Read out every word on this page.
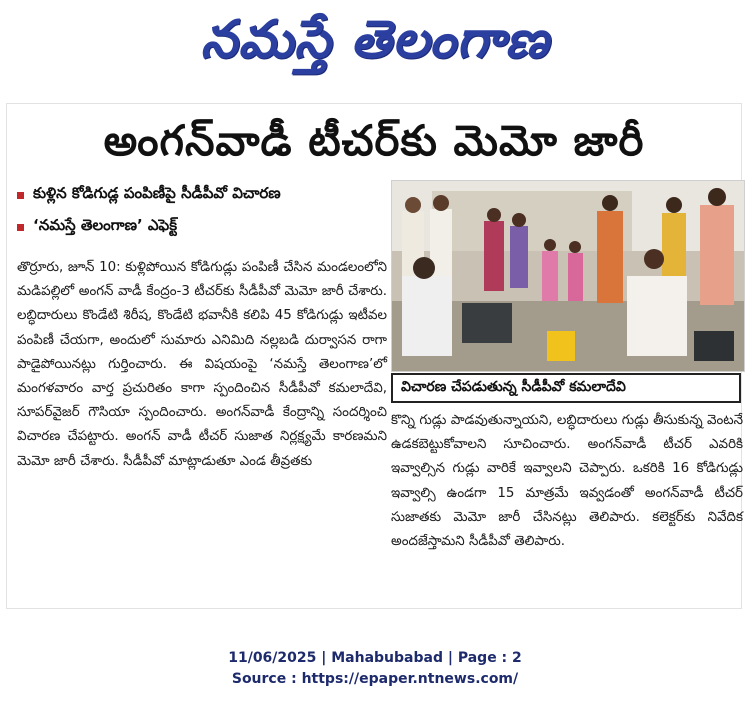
నమస్తే తెలంగాణ
అంగన్‌వాడీ టీచర్‌కు మెమో జారీ
కుళ్లిన కోడిగుడ్ల పంపిణీపై సీడీపీవో విచారణ
‘నమస్తే తెలంగాణ’ ఎఫెక్ట్

తొర్రూరు, జూన్ 10: కుళ్లిపోయిన కోడిగుడ్లు పంపిణీ చేసిన మండలంలోని మడిపల్లిలో అంగన్ వాడీ కేంద్రం-3 టీచర్‌కు సీడీపీవో మెమో జారీ చేశారు. లబ్ధిదారులు కొండేటి శిరీష, కొండేటి భవానీకి కలిపి 45 కోడిగుడ్లు ఇటీవల పంపిణీ చేయగా, అందులో సుమారు ఎనిమిది నల్లబడి దుర్వాసన రాగా పాడైపోయినట్లు గుర్తించారు. ఈ విషయంపై ‘నమస్తే తెలంగాణ’లో మంగళవారం వార్త ప్రచురితం కాగా స్పందించిన సీడీపీవో కమలాదేవి, సూపర్‌వైజర్ గౌసియా స్పందించారు. అంగన్‌వాడీ కేంద్రాన్ని సందర్శించి విచారణ చేపట్టారు. అంగన్ వాడీ టీచర్ సుజాత నిర్లక్ష్యమే కారణమని మెమో జారీ చేశారు. సీడీపీవో మాట్లాడుతూ ఎండ తీవ్రతకు

విచారణ చేపడుతున్న సీడీపీవో కమలాదేవి

కొన్ని గుడ్లు పాడవుతున్నాయని, లబ్ధిదారులు గుడ్లు తీసుకున్న వెంటనే ఉడకబెట్టుకోవాలని సూచించారు. అంగన్‌వాడీ టీచర్ ఎవరికి ఇవ్వాల్సిన గుడ్లు వారికే ఇవ్వాలని చెప్పారు. ఒకరికి 16 కోడిగుడ్లు ఇవ్వాల్సి ఉండగా 15 మాత్రమే ఇవ్వడంతో అంగన్‌వాడీ టీచర్ సుజాతకు మెమో జారీ చేసినట్లు తెలిపారు. కలెక్టర్‌కు నివేదిక అందజేస్తామని సీడీపీవో తెలిపారు.

11/06/2025 | Mahabubabad | Page : 2
Source : https://epaper.ntnews.com/
